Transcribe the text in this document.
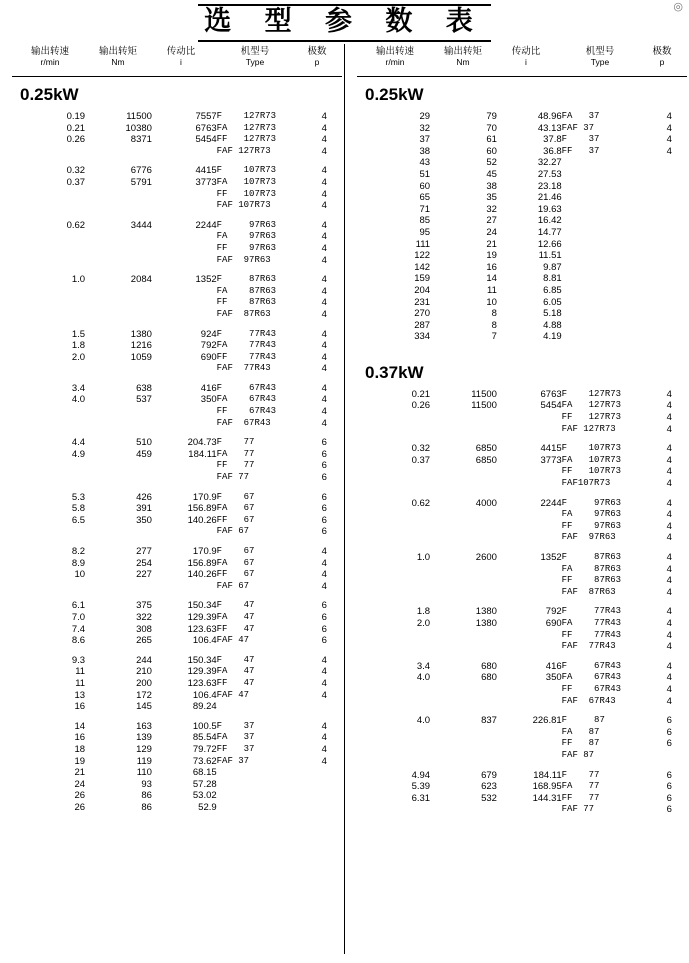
◎
选 型 参 数 表
输出转速
r/min
输出转矩
Nm
传动比
i
机型号
Type
极数
p
0.25kW
0.19	11500	7557	F    127R73	4
0.21	10380	6763	FA   127R73	4
0.26	8371	5454	FF   127R73	4
			FAF 127R73	4

0.32	6776	4415	F    107R73	4
0.37	5791	3773	FA   107R73	4
			FF   107R73	4
			FAF 107R73	4

0.62	3444	2244	F     97R63	4
			FA    97R63	4
			FF    97R63	4
			FAF  97R63	4

1.0	2084	1352	F     87R63	4
			FA    87R63	4
			FF    87R63	4
			FAF  87R63	4

1.5	1380	924	F     77R43	4
1.8	1216	792	FA    77R43	4
2.0	1059	690	FF    77R43	4
			FAF  77R43	4

3.4	638	416	F     67R43	4
4.0	537	350	FA    67R43	4
			FF    67R43	4
			FAF  67R43	4

4.4	510	204.73	F    77	6
4.9	459	184.11	FA   77	6
			FF   77	6
			FAF 77	6

5.3	426	170.9	F    67	6
5.8	391	156.89	FA   67	6
6.5	350	140.26	FF   67	6
			FAF 67	6

8.2	277	170.9	F    67	4
8.9	254	156.89	FA   67	4
10	227	140.26	FF   67	4
			FAF 67	4

6.1	375	150.34	F    47	6
7.0	322	129.39	FA   47	6
7.4	308	123.63	FF   47	6
8.6	265	106.4	FAF 47	6

9.3	244	150.34	F    47	4
11	210	129.39	FA   47	4
11	200	123.63	FF   47	4
13	172	106.4	FAF 47	4
16	145	89.24		

14	163	100.5	F    37	4
16	139	85.54	FA   37	4
18	129	79.72	FF   37	4
19	119	73.62	FAF 37	4
21	110	68.15		
24	93	57.28		
26	86	53.02		
26	86	52.9		
输出转速
r/min
输出转矩
Nm
传动比
i
机型号
Type
极数
p
0.25kW
29	79	48.96	FA   37	4
32	70	43.13	FAF 37	4
37	61	37.8	F    37	4
38	60	36.8	FF   37	4
43	52	32.27		
51	45	27.53		
60	38	23.18		
65	35	21.46		
71	32	19.63		
85	27	16.42		
95	24	14.77		
111	21	12.66		
122	19	11.51		
142	16	9.87		
159	14	8.81		
204	11	6.85		
231	10	6.05		
270	8	5.18		
287	8	4.88		
334	7	4.19		
0.37kW
0.21	11500	6763	F    127R73	4
0.26	11500	5454	FA   127R73	4
			FF   127R73	4
			FAF 127R73	4

0.32	6850	4415	F    107R73	4
0.37	6850	3773	FA   107R73	4
			FF   107R73	4
			FAF107R73	4

0.62	4000	2244	F     97R63	4
			FA    97R63	4
			FF    97R63	4
			FAF  97R63	4

1.0	2600	1352	F     87R63	4
			FA    87R63	4
			FF    87R63	4
			FAF  87R63	4

1.8	1380	792	F     77R43	4
2.0	1380	690	FA    77R43	4
			FF    77R43	4
			FAF  77R43	4

3.4	680	416	F     67R43	4
4.0	680	350	FA    67R43	4
			FF    67R43	4
			FAF  67R43	4

4.0	837	226.81	F     87	6
			FA   87	6
			FF   87	6
			FAF 87	

4.94	679	184.11	F    77	6
5.39	623	168.95	FA   77	6
6.31	532	144.31	FF   77	6
			FAF 77	6
